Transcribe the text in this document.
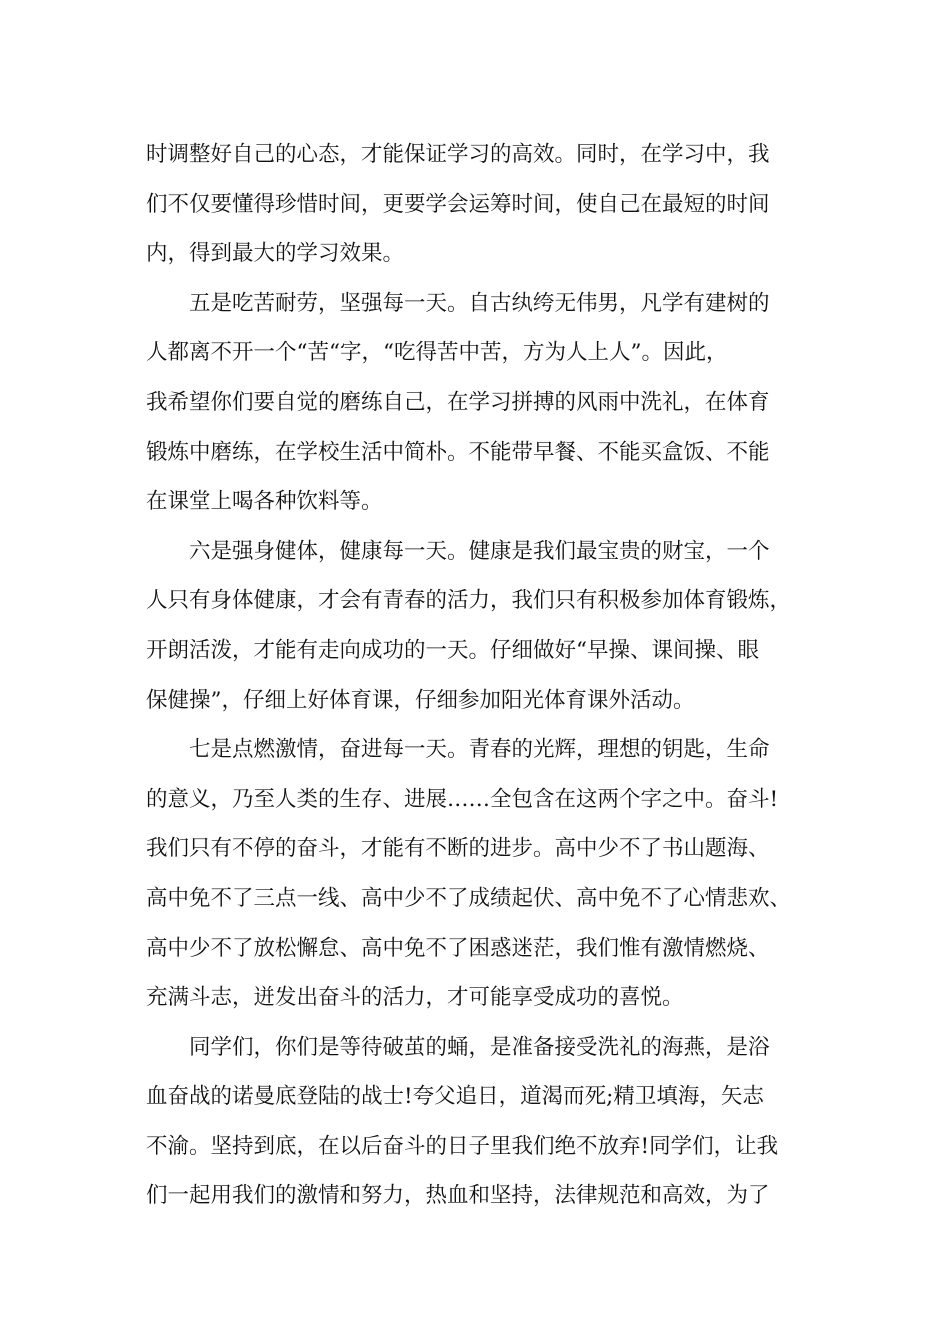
时调整好自己的心态，才能保证学习的高效。同时，在学习中，我
们不仅要懂得珍惜时间，更要学会运筹时间，使自己在最短的时间
内，得到最大的学习效果。
五是吃苦耐劳，坚强每一天。自古纨绔无伟男，凡学有建树的
人都离不开一个“苦“字，“吃得苦中苦，方为人上人”。因此，
我希望你们要自觉的磨练自己，在学习拼搏的风雨中洗礼，在体育
锻炼中磨练，在学校生活中简朴。不能带早餐、不能买盒饭、不能
在课堂上喝各种饮料等。
六是强身健体，健康每一天。健康是我们最宝贵的财宝，一个
人只有身体健康，才会有青春的活力，我们只有积极参加体育锻炼，
开朗活泼，才能有走向成功的一天。仔细做好“早操、课间操、眼
保健操”，仔细上好体育课，仔细参加阳光体育课外活动。
七是点燃激情，奋进每一天。青春的光辉，理想的钥匙，生命
的意义，乃至人类的生存、进展……全包含在这两个字之中。奋斗!
我们只有不停的奋斗，才能有不断的进步。高中少不了书山题海、
高中免不了三点一线、高中少不了成绩起伏、高中免不了心情悲欢、
高中少不了放松懈怠、高中免不了困惑迷茫，我们惟有激情燃烧、
充满斗志，迸发出奋斗的活力，才可能享受成功的喜悦。
同学们，你们是等待破茧的蛹，是准备接受洗礼的海燕，是浴
血奋战的诺曼底登陆的战士!夸父追日，道渴而死;精卫填海，矢志
不渝。坚持到底，在以后奋斗的日子里我们绝不放弃!同学们，让我
们一起用我们的激情和努力，热血和坚持，法律规范和高效，为了
